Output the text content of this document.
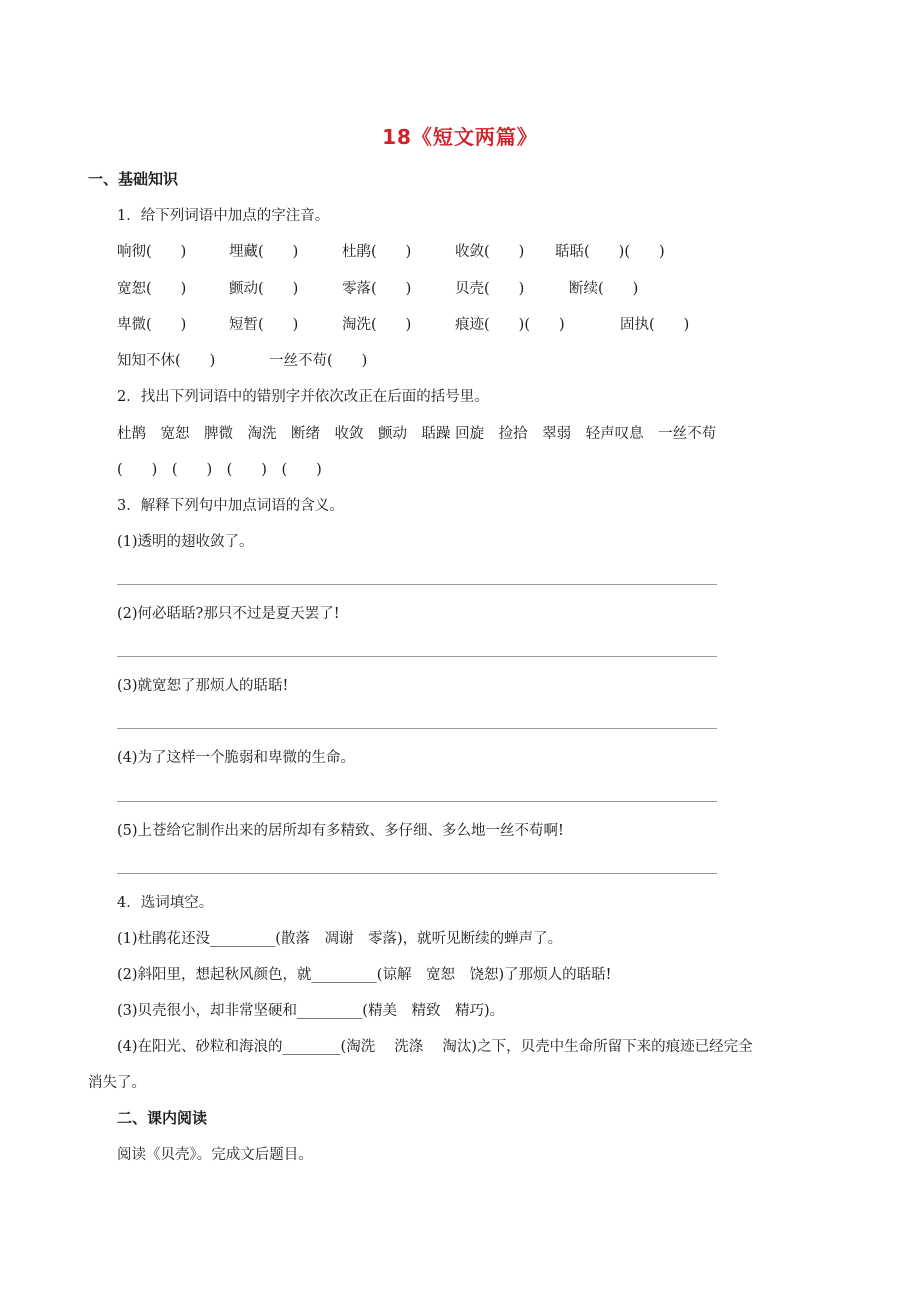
18《短文两篇》
一、基础知识
1．给下列词语中加点的字注音。
响彻(　　)	埋藏(　　)	杜鹃(　　)	收敛(　　) 聒聒(　　)(　　)
宽恕(　　)	颤动(　　)	零落(　　)	贝壳(　　)	断续(　　)
卑微(　　)	短暂(　　)	淘洗(　　)	痕迹(　　)(　　)	固执(　　)
知知不休(　　)	一丝不苟(　　)
2．找出下列词语中的错别字并依次改正在后面的括号里。
杜鹊　宽恕　脾微　淘洗　断绪　收敛　颤动　聒躁 回旋　捡拾　翠弱　轻声叹息　一丝不苟
(　　)　(　　)　(　　)　(　　)
3．解释下列句中加点词语的含义。
(1)透明的翅收敛了。
(2)何必聒聒?那只不过是夏天罢了!
(3)就宽恕了那烦人的聒聒!
(4)为了这样一个脆弱和卑微的生命。
(5)上苍给它制作出来的居所却有多精致、多仔细、多么地一丝不苟啊!
4．选词填空。
(1)杜鹃花还没_________(散落　凋谢　零落)，就听见断续的蝉声了。
(2)斜阳里，想起秋风颜色，就_________(谅解　宽恕　饶恕)了那烦人的聒聒!
(3)贝壳很小，却非常坚硬和_________(精美　精致　精巧)。
(4)在阳光、砂粒和海浪的________(淘洗　 洗涤　 淘汰)之下，贝壳中生命所留下来的痕迹已经完全
消失了。
二、课内阅读
阅读《贝壳》。完成文后题目。
